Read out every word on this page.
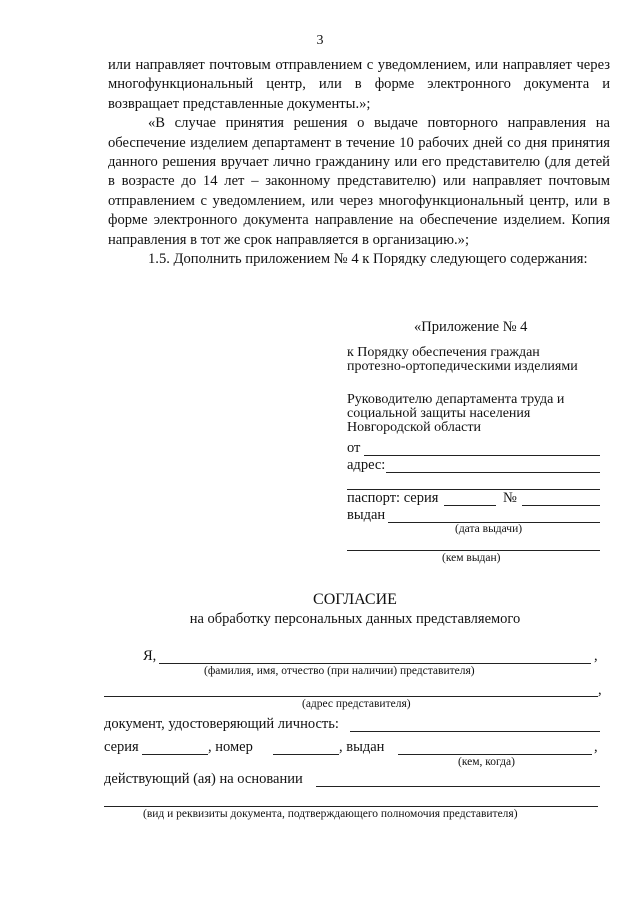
3

или направляет почтовым отправлением с уведомлением, или направляет через многофункциональный центр, или в форме электронного документа и возвращает представленные документы.»;

«В случае принятия решения о выдаче повторного направления на обеспечение изделием департамент в течение 10 рабочих дней со дня принятия данного решения вручает лично гражданину или его представителю (для детей в возрасте до 14 лет – законному представителю) или направляет почтовым отправлением с уведомлением, или через многофункциональный центр, или в форме электронного документа направление на обеспечение изделием. Копия направления в тот же срок направляется в организацию.»;

1.5. Дополнить приложением № 4 к Порядку следующего содержания:

«Приложение № 4
к Порядку обеспечения граждан
протезно-ортопедическими изделиями
Руководителю департамента труда и
социальной защиты населения
Новгородской области
от
адрес:
паспорт: серия	№
выдан
(дата выдачи)
(кем выдан)
СОГЛАСИЕ
на обработку персональных данных представляемого
Я,	,
(фамилия, имя, отчество (при наличии) представителя)
,
(адрес представителя)
документ, удостоверяющий личность:
серия	, номер	, выдан	,
(кем, когда)
действующий (ая) на основании
(вид и реквизиты документа, подтверждающего полномочия представителя)
